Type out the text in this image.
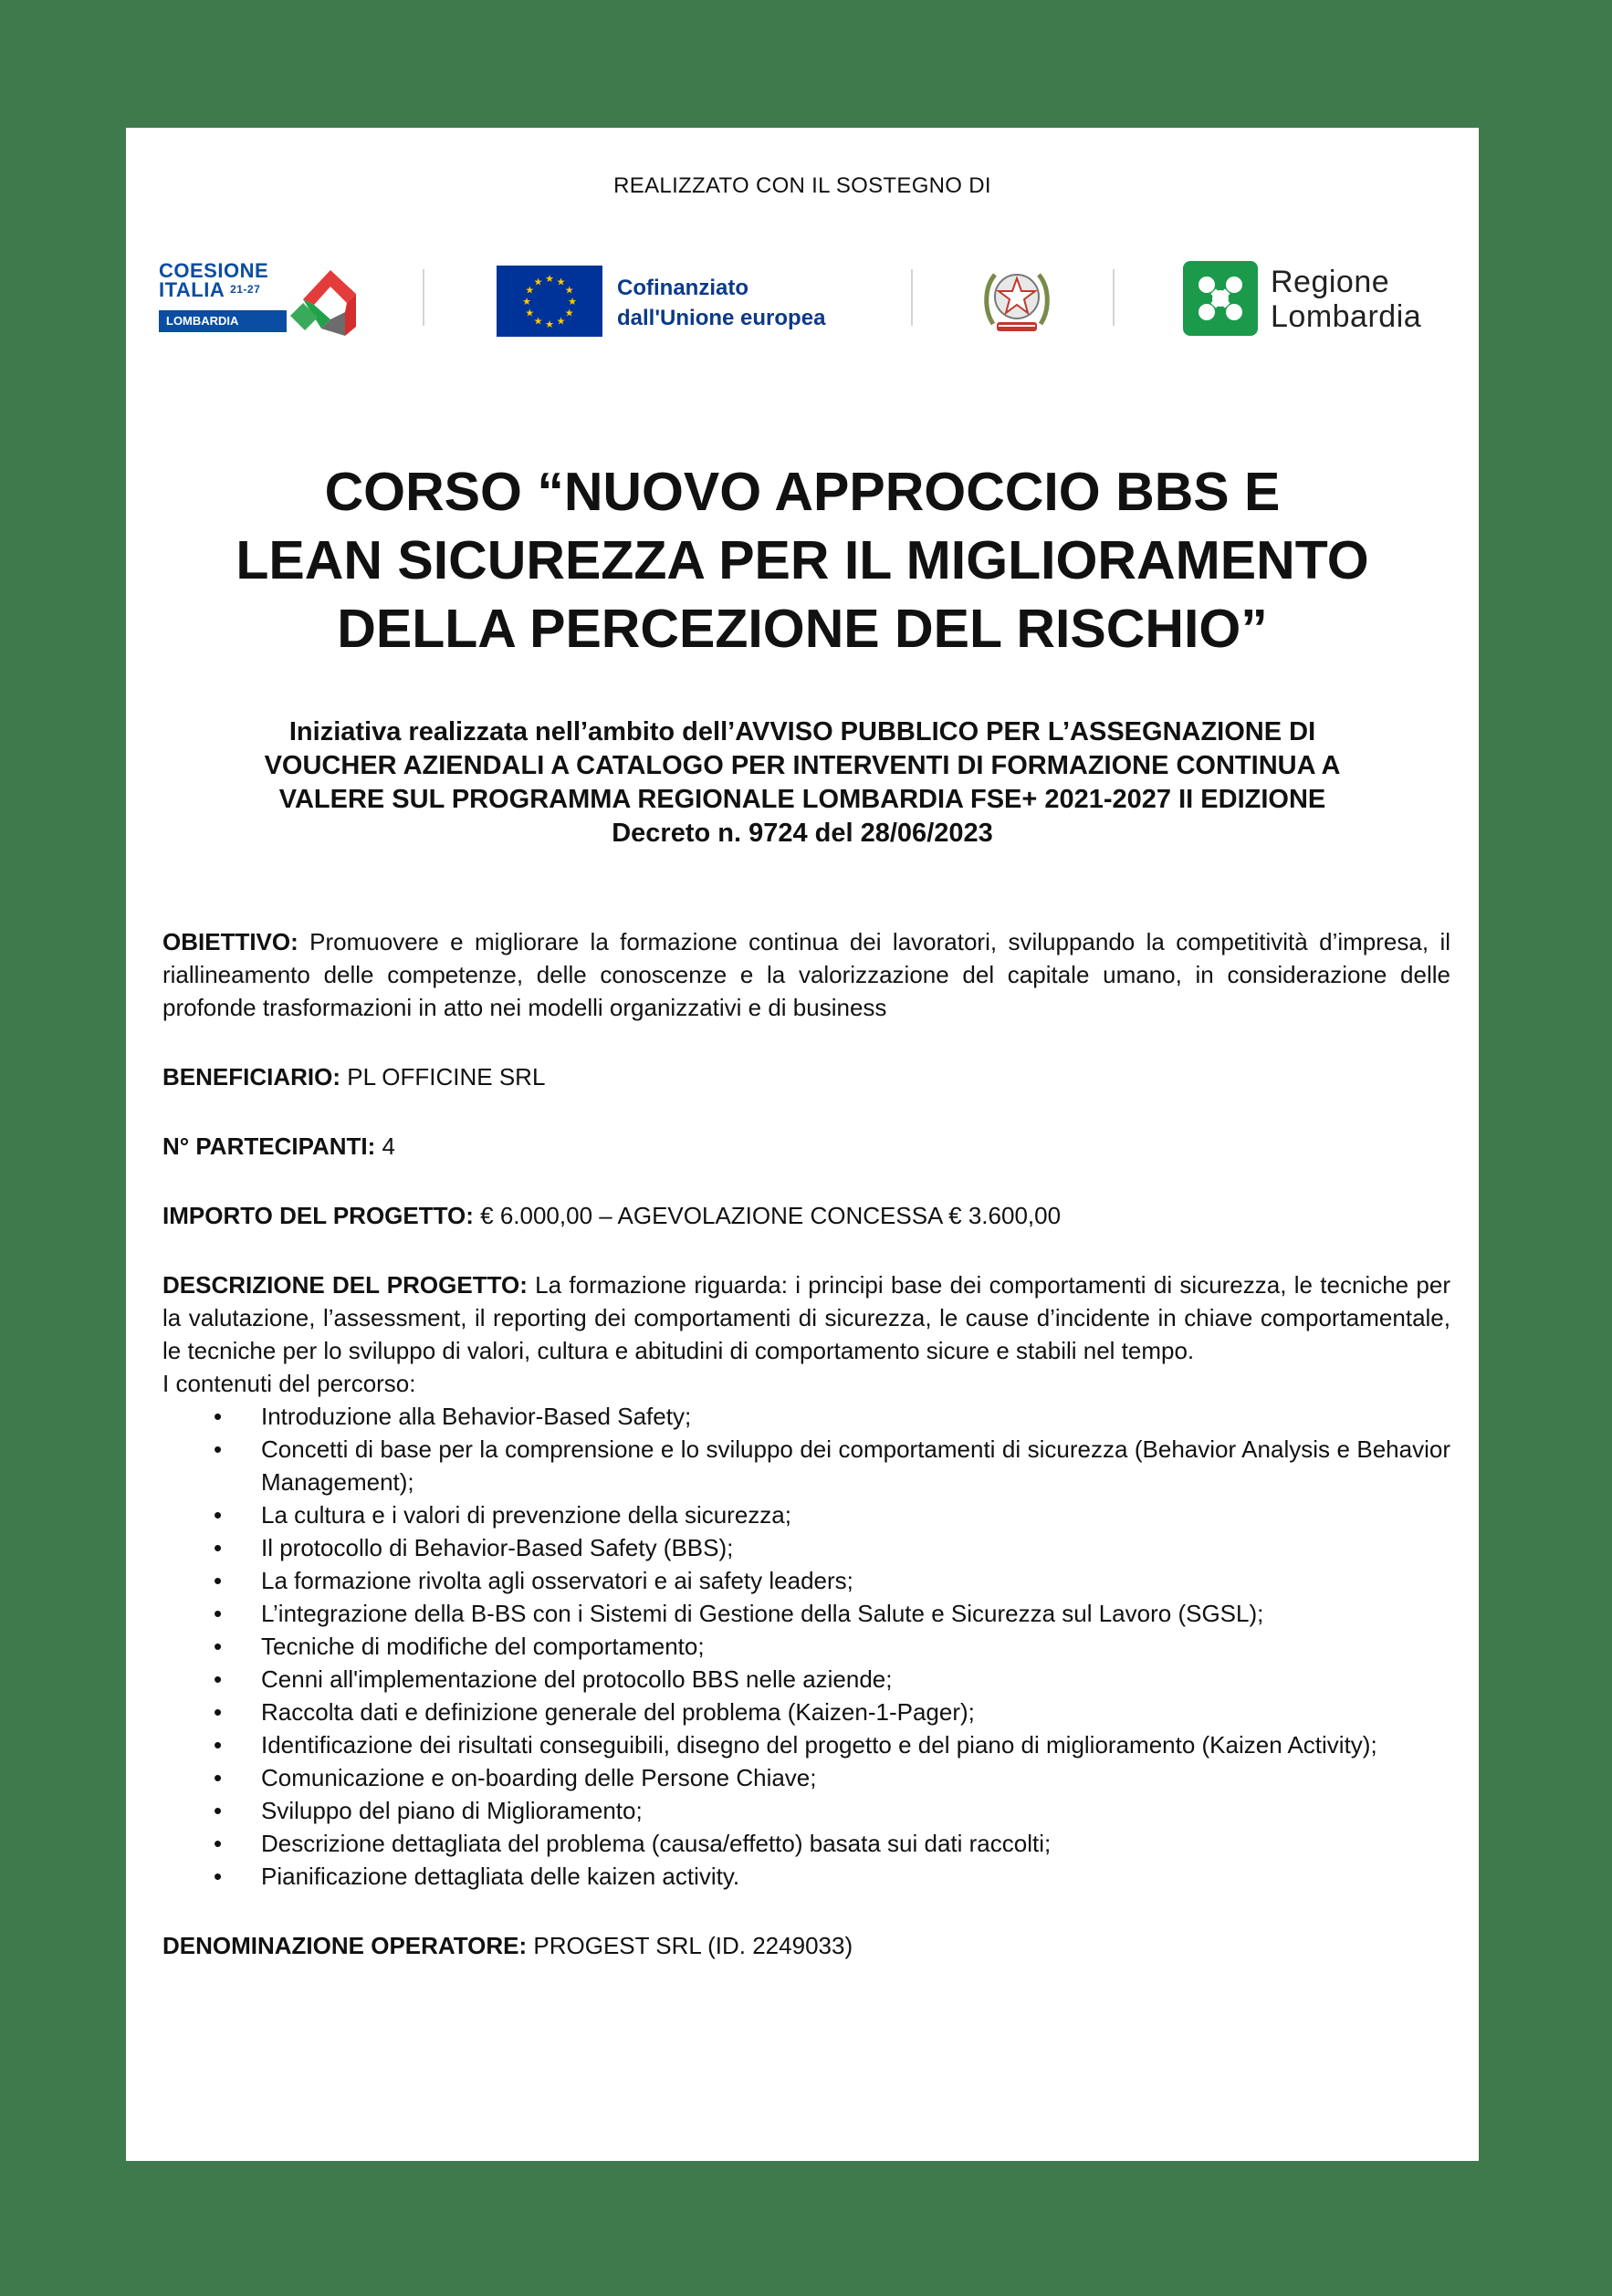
REALIZZATO CON IL SOSTEGNO DI
COESIONE
ITALIA $^{21-27}$
LOMBARDIA
★ ★
★
★
★
★
★
★
★
★
★
★	Cofinanziato
dall'Unione europea
Regione
Lombardia
CORSO “NUOVO APPROCCIO BBS E
LEAN SICUREZZA PER IL MIGLIORAMENTO
DELLA PERCEZIONE DEL RISCHIO”
Iniziativa realizzata nell’ambito dell’AVVISO PUBBLICO PER L’ASSEGNAZIONE DI
VOUCHER AZIENDALI A CATALOGO PER INTERVENTI DI FORMAZIONE CONTINUA A
VALERE SUL PROGRAMMA REGIONALE LOMBARDIA FSE+ 2021-2027 II EDIZIONE
Decreto n. 9724 del 28/06/2023

OBIETTIVO: Promuovere e migliorare la formazione continua dei lavoratori, sviluppando la competitività d’impresa, il riallineamento delle competenze, delle conoscenze e la valorizzazione del capitale umano, in considerazione delle profonde trasformazioni in atto nei modelli organizzativi e di business

BENEFICIARIO: PL OFFICINE SRL

N° PARTECIPANTI: 4

IMPORTO DEL PROGETTO: € 6.000,00 – AGEVOLAZIONE CONCESSA € 3.600,00

DESCRIZIONE DEL PROGETTO: La formazione riguarda: i principi base dei comportamenti di sicurezza, le tecniche per la valutazione, l’assessment, il reporting dei comportamenti di sicurezza, le cause d’incidente in chiave comportamentale, le tecniche per lo sviluppo di valori, cultura e abitudini di comportamento sicure e stabili nel tempo.

I contenuti del percorso:

• Introduzione alla Behavior-Based Safety;
• Concetti di base per la comprensione e lo sviluppo dei comportamenti di sicurezza (Behavior Analysis e Behavior Management);
• La cultura e i valori di prevenzione della sicurezza;
• Il protocollo di Behavior-Based Safety (BBS);
• La formazione rivolta agli osservatori e ai safety leaders;
• L’integrazione della B-BS con i Sistemi di Gestione della Salute e Sicurezza sul Lavoro (SGSL);
• Tecniche di modifiche del comportamento;
• Cenni all'implementazione del protocollo BBS nelle aziende;
• Raccolta dati e definizione generale del problema (Kaizen-1-Pager);
• Identificazione dei risultati conseguibili, disegno del progetto e del piano di miglioramento (Kaizen Activity);
• Comunicazione e on-boarding delle Persone Chiave;
• Sviluppo del piano di Miglioramento;
• Descrizione dettagliata del problema (causa/effetto) basata sui dati raccolti;
• Pianificazione dettagliata delle kaizen activity.

DENOMINAZIONE OPERATORE: PROGEST SRL (ID. 2249033)
